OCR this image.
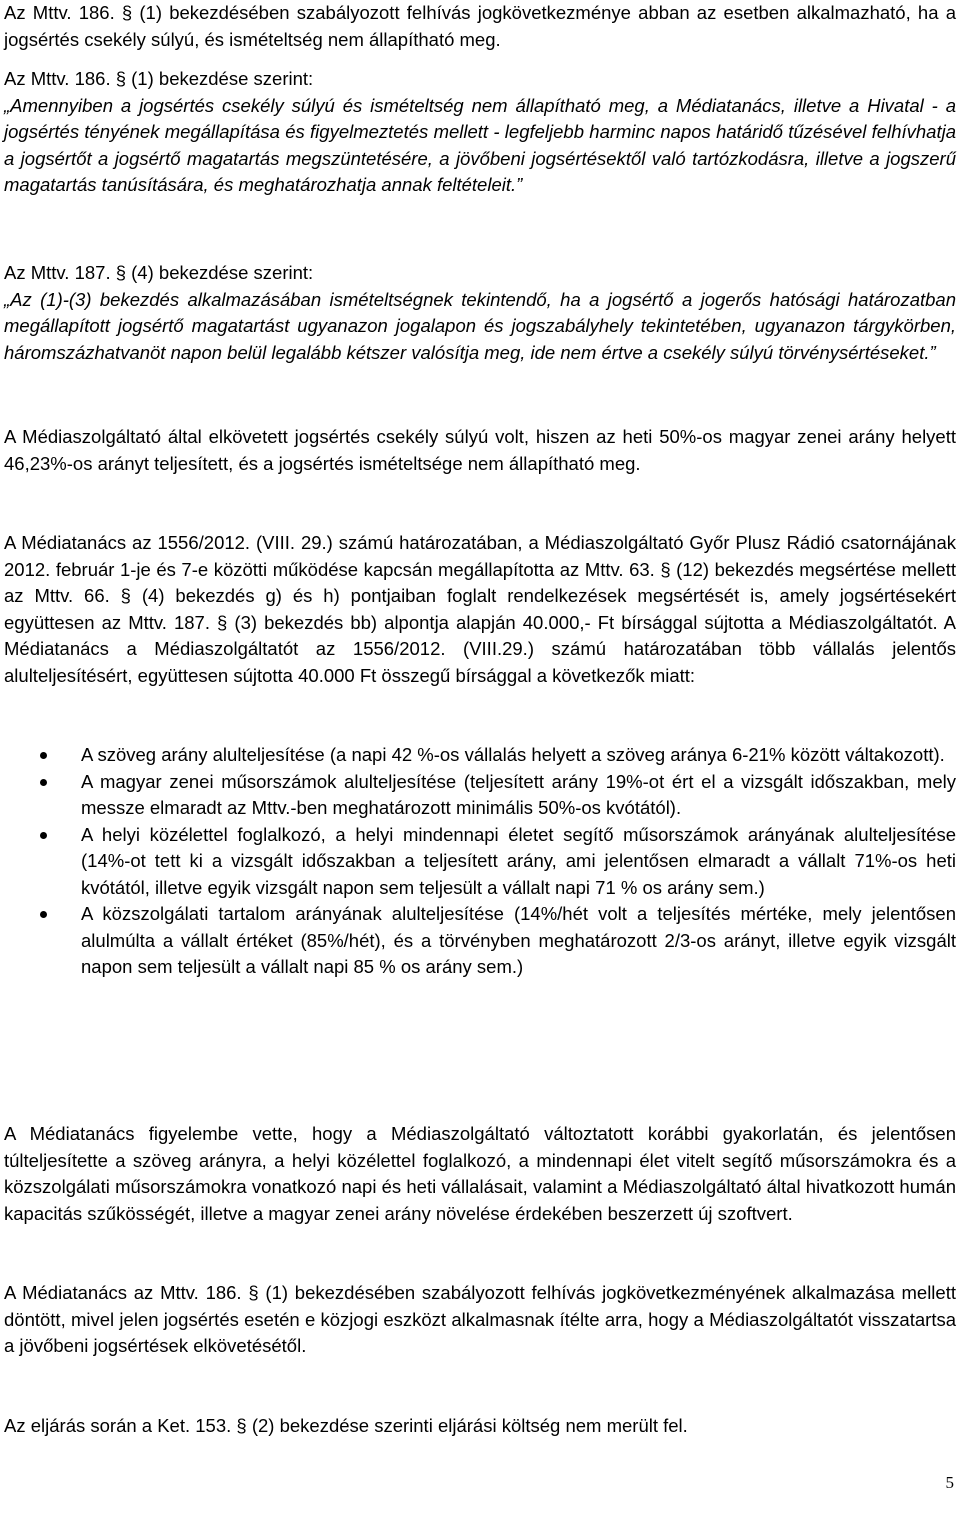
Az Mttv. 186. § (1) bekezdésében szabályozott felhívás jogkövetkezménye abban az esetben alkalmazható, ha a jogsértés csekély súlyú, és ismételtség nem állapítható meg.

Az Mttv. 186. § (1) bekezdése szerint:

„Amennyiben a jogsértés csekély súlyú és ismételtség nem állapítható meg, a Médiatanács, illetve a Hivatal - a jogsértés tényének megállapítása és figyelmeztetés mellett - legfeljebb harminc napos határidő tűzésével felhívhatja a jogsértőt a jogsértő magatartás megszüntetésére, a jövőbeni jogsértésektől való tartózkodásra, illetve a jogszerű magatartás tanúsítására, és meghatározhatja annak feltételeit.”

Az Mttv. 187. § (4) bekezdése szerint:

„Az (1)-(3) bekezdés alkalmazásában ismételtségnek tekintendő, ha a jogsértő a jogerős hatósági határozatban megállapított jogsértő magatartást ugyanazon jogalapon és jogszabályhely tekintetében, ugyanazon tárgykörben, háromszázhatvanöt napon belül legalább kétszer valósítja meg, ide nem értve a csekély súlyú törvénysértéseket.”

A Médiaszolgáltató által elkövetett jogsértés csekély súlyú volt, hiszen az heti 50%-os magyar zenei arány helyett 46,23%-os arányt teljesített, és a jogsértés ismételtsége nem állapítható meg.

A Médiatanács az 1556/2012. (VIII. 29.) számú határozatában, a Médiaszolgáltató Győr Plusz Rádió csatornájának 2012. február 1-je és 7-e közötti működése kapcsán megállapította az Mttv. 63. § (12) bekezdés megsértése mellett az Mttv. 66. § (4) bekezdés g) és h) pontjaiban foglalt rendelkezések megsértését is, amely jogsértésekért együttesen az Mttv. 187. § (3) bekezdés bb) alpontja alapján 40.000,- Ft bírsággal sújtotta a Médiaszolgáltatót. A Médiatanács a Médiaszolgáltatót az 1556/2012. (VIII.29.) számú határozatában több vállalás jelentős alulteljesítésért, együttesen sújtotta 40.000 Ft összegű bírsággal a következők miatt:

A szöveg arány alulteljesítése (a napi 42 %-os vállalás helyett a szöveg aránya 6-21% között váltakozott).
A magyar zenei műsorszámok alulteljesítése (teljesített arány 19%-ot ért el a vizsgált időszakban, mely messze elmaradt az Mttv.-ben meghatározott minimális 50%-os kvótától).
A helyi közélettel foglalkozó, a helyi mindennapi életet segítő műsorszámok arányának alulteljesítése (14%-ot tett ki a vizsgált időszakban a teljesített arány, ami jelentősen elmaradt a vállalt 71%-os heti kvótától, illetve egyik vizsgált napon sem teljesült a vállalt napi 71 % os arány sem.)
A közszolgálati tartalom arányának alulteljesítése (14%/hét volt a teljesítés mértéke, mely jelentősen alulmúlta a vállalt értéket (85%/hét), és a törvényben meghatározott 2/3-os arányt, illetve egyik vizsgált napon sem teljesült a vállalt napi 85 % os arány sem.)

A Médiatanács figyelembe vette, hogy a Médiaszolgáltató változtatott korábbi gyakorlatán, és jelentősen túlteljesítette a szöveg arányra, a helyi közélettel foglalkozó, a mindennapi élet vitelt segítő műsorszámokra és a közszolgálati műsorszámokra vonatkozó napi és heti vállalásait, valamint a Médiaszolgáltató által hivatkozott humán kapacitás szűkösségét, illetve a magyar zenei arány növelése érdekében beszerzett új szoftvert.

A Médiatanács az Mttv. 186. § (1) bekezdésében szabályozott felhívás jogkövetkezményének alkalmazása mellett döntött, mivel jelen jogsértés esetén e közjogi eszközt alkalmasnak ítélte arra, hogy a Médiaszolgáltatót visszatartsa a jövőbeni jogsértések elkövetésétől.

Az eljárás során a Ket. 153. § (2) bekezdése szerinti eljárási költség nem merült fel.

5
